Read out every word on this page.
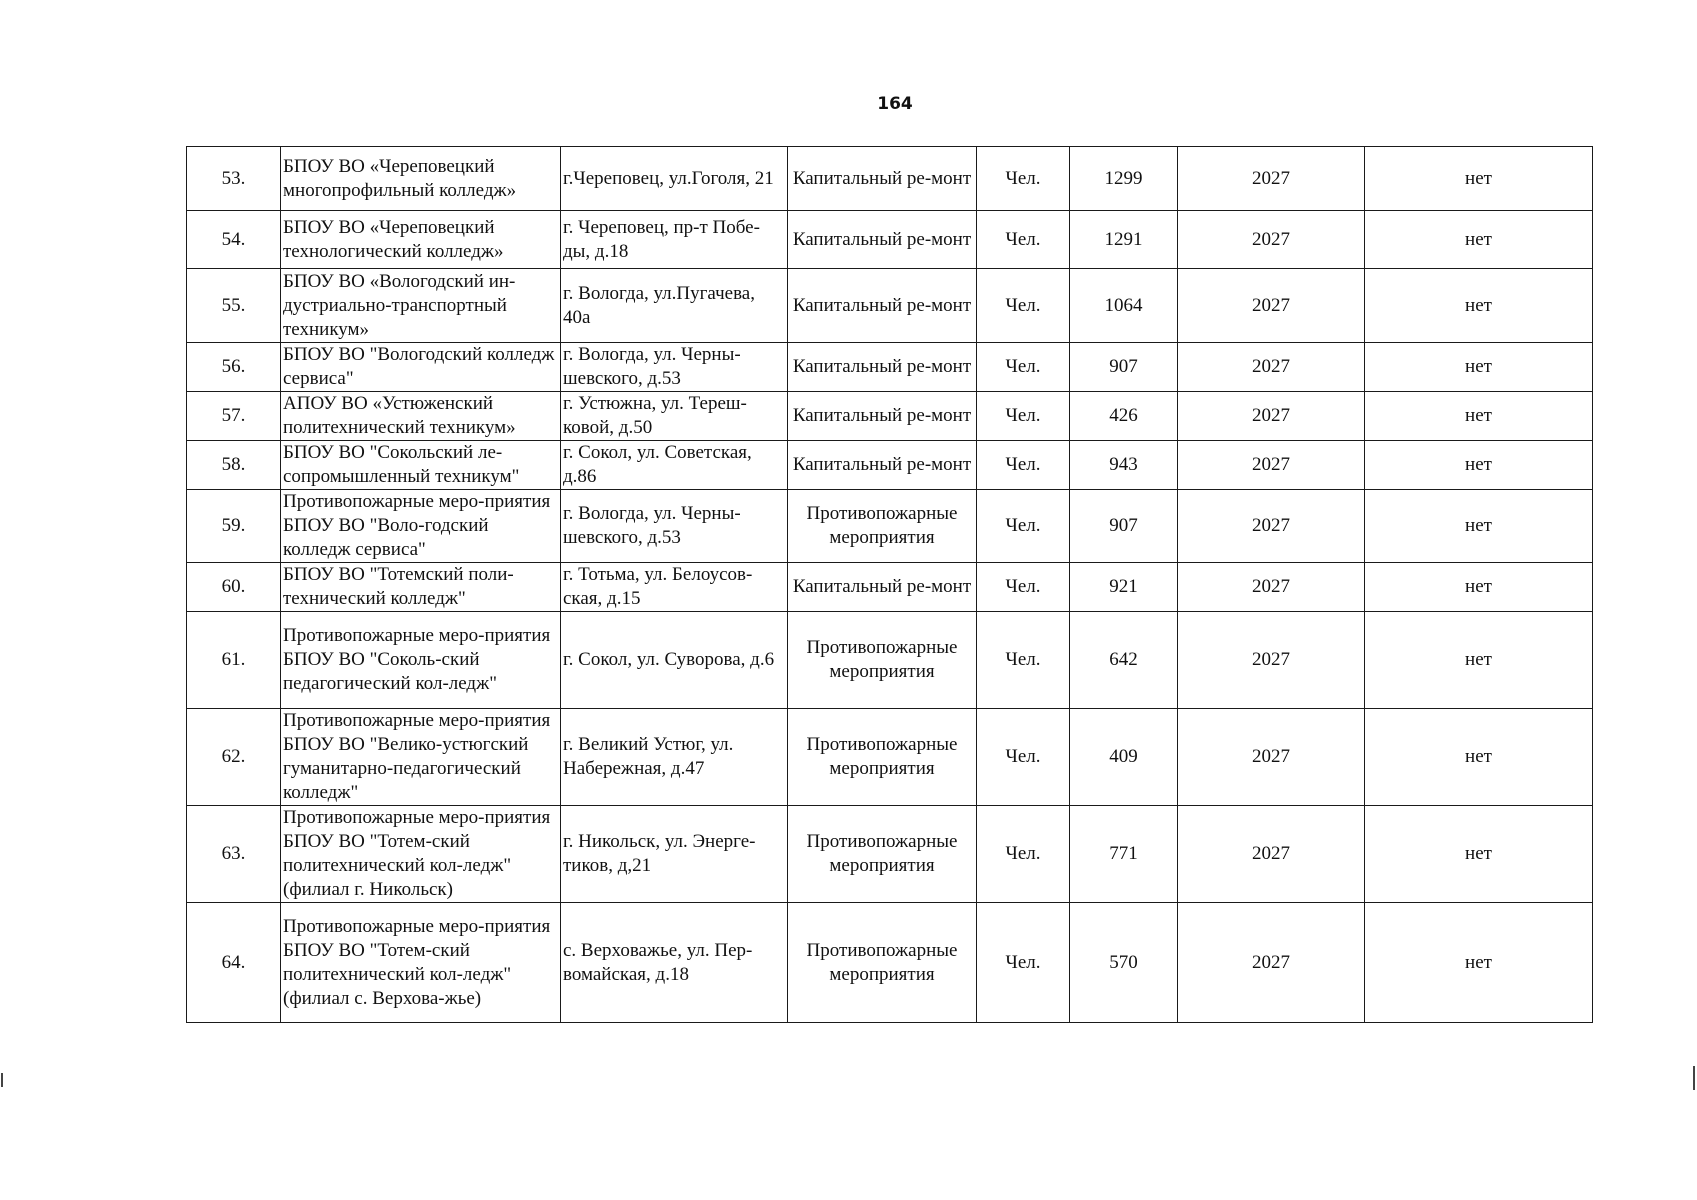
164
53.	БПОУ ВО «Череповецкий многопрофильный колледж»	г.Череповец, ул.Гоголя, 21	Капитальный ре-монт	Чел.	1299	2027	нет
54.	БПОУ ВО «Череповецкий технологический колледж»	г. Череповец, пр-т Побе-ды, д.18	Капитальный ре-монт	Чел.	1291	2027	нет
55.	БПОУ ВО «Вологодский ин-дустриально-транспортный техникум»	г. Вологда, ул.Пугачева, 40а	Капитальный ре-монт	Чел.	1064	2027	нет
56.	БПОУ ВО "Вологодский колледж сервиса"	г. Вологда, ул. Черны-шевского, д.53	Капитальный ре-монт	Чел.	907	2027	нет
57.	АПОУ ВО «Устюженский политехнический техникум»	г. Устюжна, ул. Тереш-ковой, д.50	Капитальный ре-монт	Чел.	426	2027	нет
58.	БПОУ ВО "Сокольский ле-сопромышленный техникум"	г. Сокол, ул. Советская, д.86	Капитальный ре-монт	Чел.	943	2027	нет
59.	Противопожарные меро-приятия БПОУ ВО "Воло-годский колледж сервиса"	г. Вологда, ул. Черны-шевского, д.53	Противопожарные мероприятия	Чел.	907	2027	нет
60.	БПОУ ВО "Тотемский поли-технический колледж"	г. Тотьма, ул. Белоусов-ская, д.15	Капитальный ре-монт	Чел.	921	2027	нет
61.	Противопожарные меро-приятия БПОУ ВО "Соколь-ский педагогический кол-ледж"	г. Сокол, ул. Суворова, д.6	Противопожарные мероприятия	Чел.	642	2027	нет
62.	Противопожарные меро-приятия БПОУ ВО "Велико-устюгский гуманитарно-педагогический колледж"	г. Великий Устюг, ул. Набережная, д.47	Противопожарные мероприятия	Чел.	409	2027	нет
63.	Противопожарные меро-приятия БПОУ ВО "Тотем-ский политехнический кол-ледж" (филиал г. Никольск)	г. Никольск, ул. Энерге-тиков, д,21	Противопожарные мероприятия	Чел.	771	2027	нет
64.	Противопожарные меро-приятия БПОУ ВО "Тотем-ский политехнический кол-ледж" (филиал с. Верхова-жье)	с. Верховажье, ул. Пер-вомайская, д.18	Противопожарные мероприятия	Чел.	570	2027	нет
